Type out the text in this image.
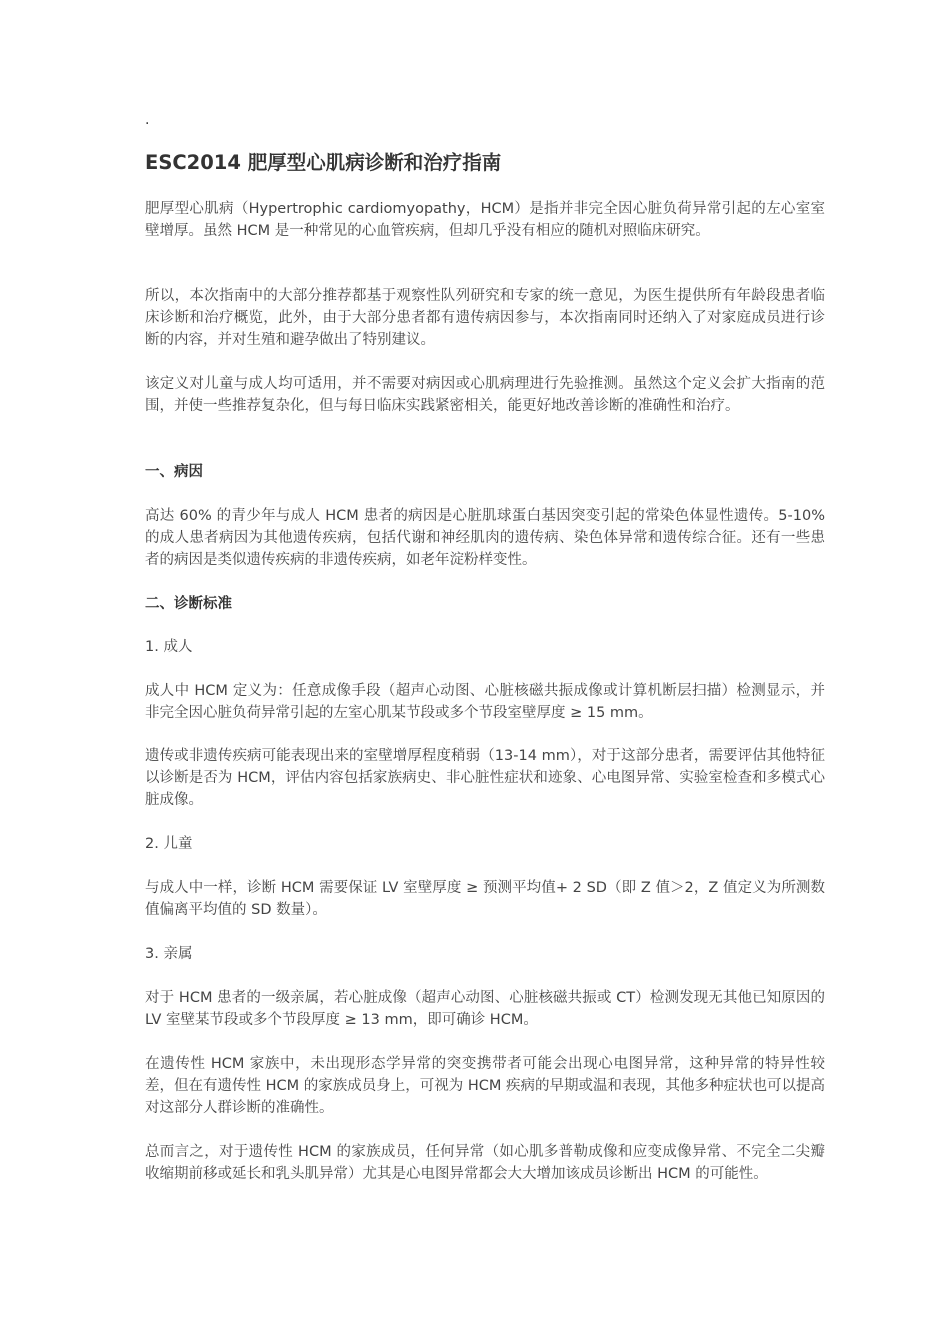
.
ESC2014 肥厚型心肌病诊断和治疗指南

肥厚型心肌病（Hypertrophic cardiomyopathy，HCM）是指并非完全因心脏负荷异常引起的左心室室壁增厚。虽然 HCM 是一种常见的心血管疾病，但却几乎没有相应的随机对照临床研究。

所以，本次指南中的大部分推荐都基于观察性队列研究和专家的统一意见，为医生提供所有年龄段患者临床诊断和治疗概览，此外，由于大部分患者都有遗传病因参与，本次指南同时还纳入了对家庭成员进行诊断的内容，并对生殖和避孕做出了特别建议。

该定义对儿童与成人均可适用，并不需要对病因或心肌病理进行先验推测。虽然这个定义会扩大指南的范围，并使一些推荐复杂化，但与每日临床实践紧密相关，能更好地改善诊断的准确性和治疗。

一、病因

高达 60% 的青少年与成人 HCM 患者的病因是心脏肌球蛋白基因突变引起的常染色体显性遗传。5-10% 的成人患者病因为其他遗传疾病，包括代谢和神经肌肉的遗传病、染色体异常和遗传综合征。还有一些患者的病因是类似遗传疾病的非遗传疾病，如老年淀粉样变性。

二、诊断标准

1. 成人

成人中 HCM 定义为：任意成像手段（超声心动图、心脏核磁共振成像或计算机断层扫描）检测显示，并非完全因心脏负荷异常引起的左室心肌某节段或多个节段室壁厚度 ≥ 15 mm。

遗传或非遗传疾病可能表现出来的室壁增厚程度稍弱（13-14 mm），对于这部分患者，需要评估其他特征以诊断是否为 HCM，评估内容包括家族病史、非心脏性症状和迹象、心电图异常、实验室检查和多模式心脏成像。

2. 儿童

与成人中一样，诊断 HCM 需要保证 LV 室壁厚度 ≥ 预测平均值+ 2 SD（即 Z 值＞2，Z 值定义为所测数值偏离平均值的 SD 数量）。

3. 亲属

对于 HCM 患者的一级亲属，若心脏成像（超声心动图、心脏核磁共振或 CT）检测发现无其他已知原因的 LV 室壁某节段或多个节段厚度 ≥ 13 mm，即可确诊 HCM。

在遗传性 HCM 家族中，未出现形态学异常的突变携带者可能会出现心电图异常，这种异常的特异性较差，但在有遗传性 HCM 的家族成员身上，可视为 HCM 疾病的早期或温和表现，其他多种症状也可以提高对这部分人群诊断的准确性。

总而言之，对于遗传性 HCM 的家族成员，任何异常（如心肌多普勒成像和应变成像异常、不完全二尖瓣收缩期前移或延长和乳头肌异常）尤其是心电图异常都会大大增加该成员诊断出 HCM 的可能性。
